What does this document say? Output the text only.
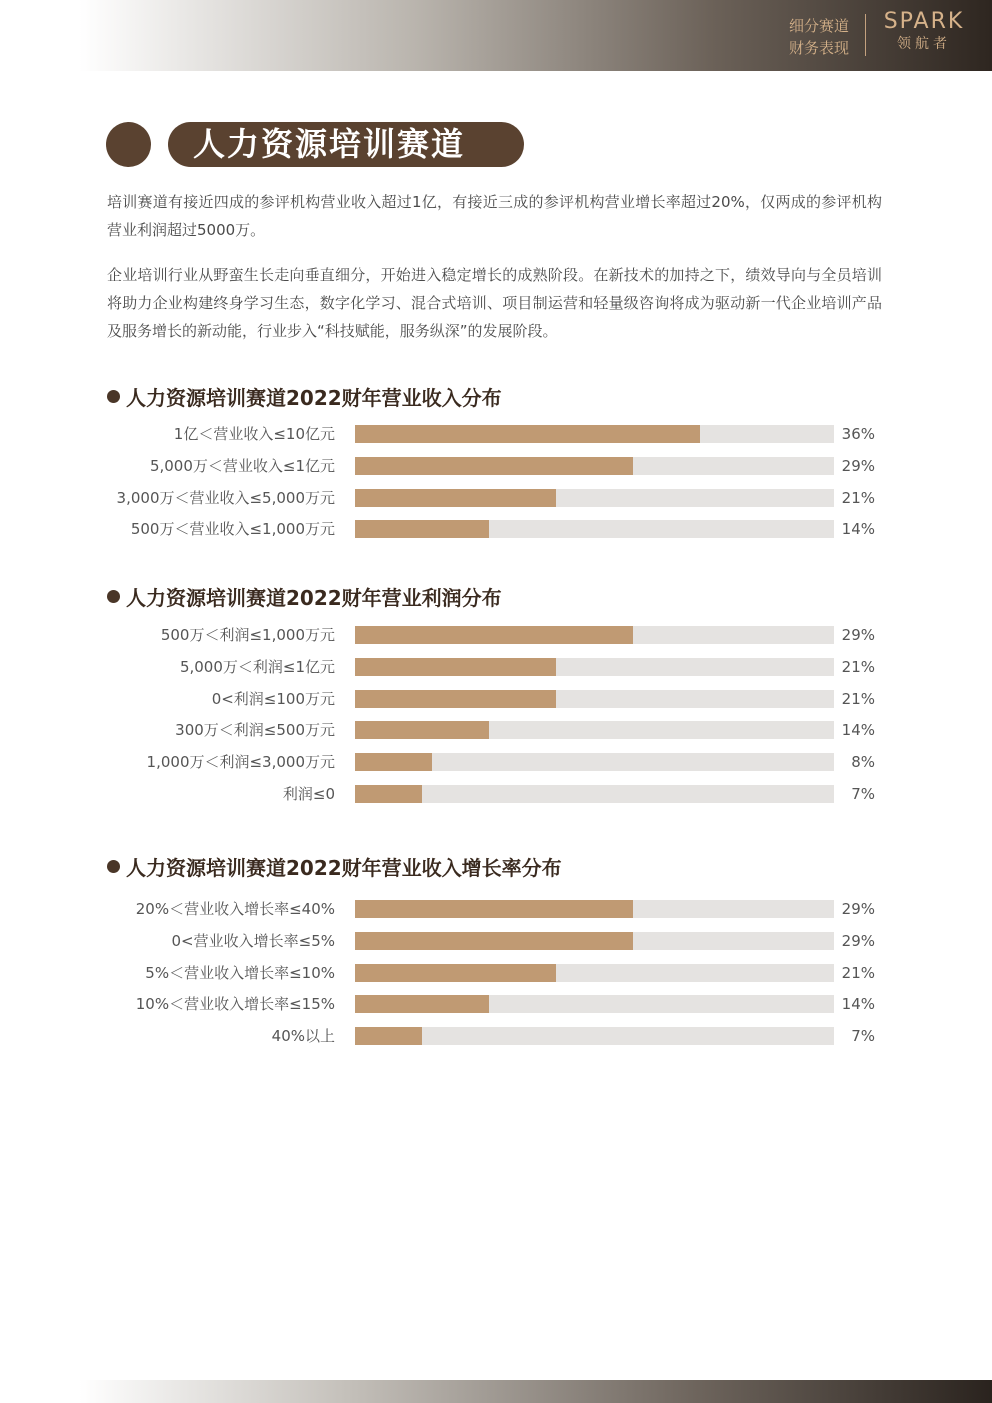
细分赛道
财务表现
SPARK
领航者
人力资源培训赛道
培训赛道有接近四成的参评机构营业收入超过1亿，有接近三成的参评机构营业增长率超过20%，仅两成的参评机构营业利润超过5000万。
企业培训行业从野蛮生长走向垂直细分，开始进入稳定增长的成熟阶段。在新技术的加持之下，绩效导向与全员培训将助力企业构建终身学习生态，数字化学习、混合式培训、项目制运营和轻量级咨询将成为驱动新一代企业培训产品及服务增长的新动能，行业步入“科技赋能，服务纵深”的发展阶段。
人力资源培训赛道2022财年营业收入分布
1亿＜营业收入≤10亿元	36%
5,000万＜营业收入≤1亿元	29%
3,000万＜营业收入≤5,000万元	21%
500万＜营业收入≤1,000万元	14%
人力资源培训赛道2022财年营业利润分布
500万＜利润≤1,000万元	29%
5,000万＜利润≤1亿元	21%
0<利润≤100万元	21%
300万＜利润≤500万元	14%
1,000万＜利润≤3,000万元	8%
利润≤0	7%
人力资源培训赛道2022财年营业收入增长率分布
20%＜营业收入增长率≤40%	29%
0<营业收入增长率≤5%	29%
5%＜营业收入增长率≤10%	21%
10%＜营业收入增长率≤15%	14%
40%以上	7%
